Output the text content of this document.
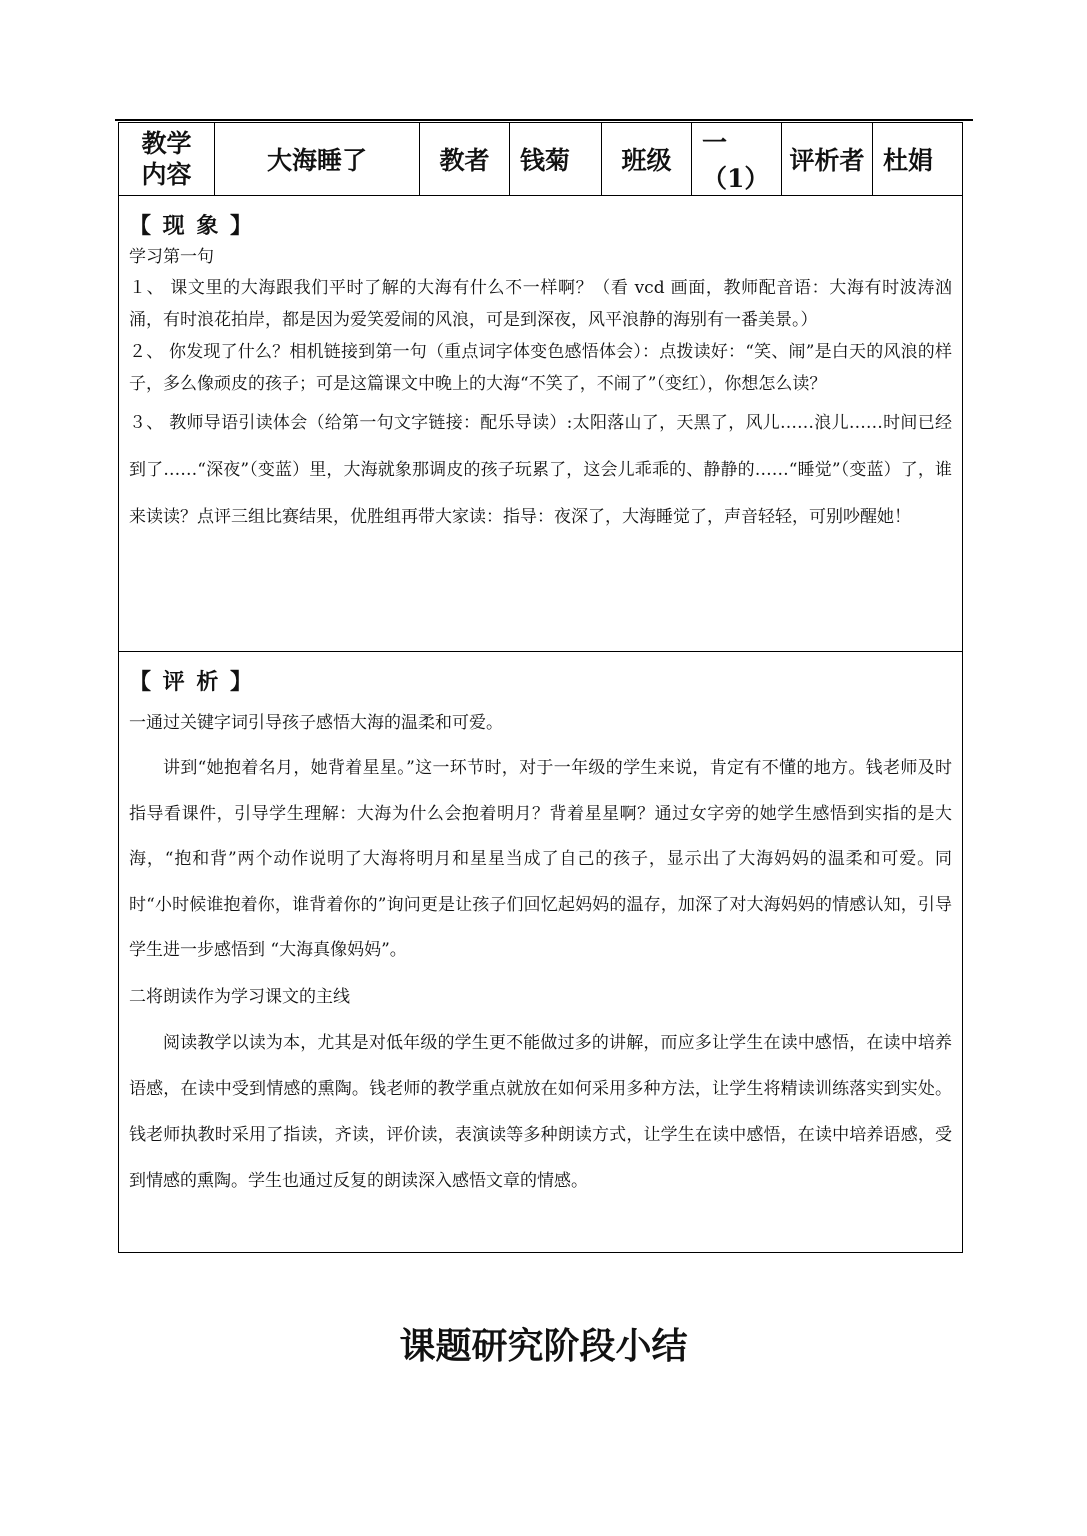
教学
内容	大海睡了	教者	钱菊	班级	一（1）	评析者	杜娟

【 现 象 】

学习第一句

１、 课文里的大海跟我们平时了解的大海有什么不一样啊？（看 vcd 画面，教师配音语：大海有时波涛汹涌，有时浪花拍岸，都是因为爱笑爱闹的风浪，可是到深夜，风平浪静的海别有一番美景。）

２、 你发现了什么？相机链接到第一句（重点词字体变色感悟体会）：点拨读好：“笑、闹”是白天的风浪的样子，多么像顽皮的孩子；可是这篇课文中晚上的大海“不笑了，不闹了”（变红），你想怎么读？

３、 教师导语引读体会（给第一句文字链接：配乐导读）:太阳落山了，天黑了，风儿……浪儿……时间已经到了……“深夜”（变蓝）里，大海就象那调皮的孩子玩累了，这会儿乖乖的、静静的……“睡觉”（变蓝）了，谁来读读？点评三组比赛结果，优胜组再带大家读：指导：夜深了，大海睡觉了，声音轻轻，可别吵醒她！

【 评 析 】

一通过关键字词引导孩子感悟大海的温柔和可爱。

讲到“她抱着名月，她背着星星。”这一环节时，对于一年级的学生来说，肯定有不懂的地方。钱老师及时指导看课件，引导学生理解：大海为什么会抱着明月？背着星星啊？通过女字旁的她学生感悟到实指的是大海，“抱和背”两个动作说明了大海将明月和星星当成了自己的孩子，显示出了大海妈妈的温柔和可爱。同时“小时候谁抱着你，谁背着你的”询问更是让孩子们回忆起妈妈的温存，加深了对大海妈妈的情感认知，引导学生进一步感悟到 “大海真像妈妈”。

二将朗读作为学习课文的主线

阅读教学以读为本，尤其是对低年级的学生更不能做过多的讲解，而应多让学生在读中感悟，在读中培养语感，在读中受到情感的熏陶。钱老师的教学重点就放在如何采用多种方法，让学生将精读训练落实到实处。钱老师执教时采用了指读，齐读，评价读，表演读等多种朗读方式，让学生在读中感悟，在读中培养语感，受到情感的熏陶。学生也通过反复的朗读深入感悟文章的情感。

课题研究阶段小结
